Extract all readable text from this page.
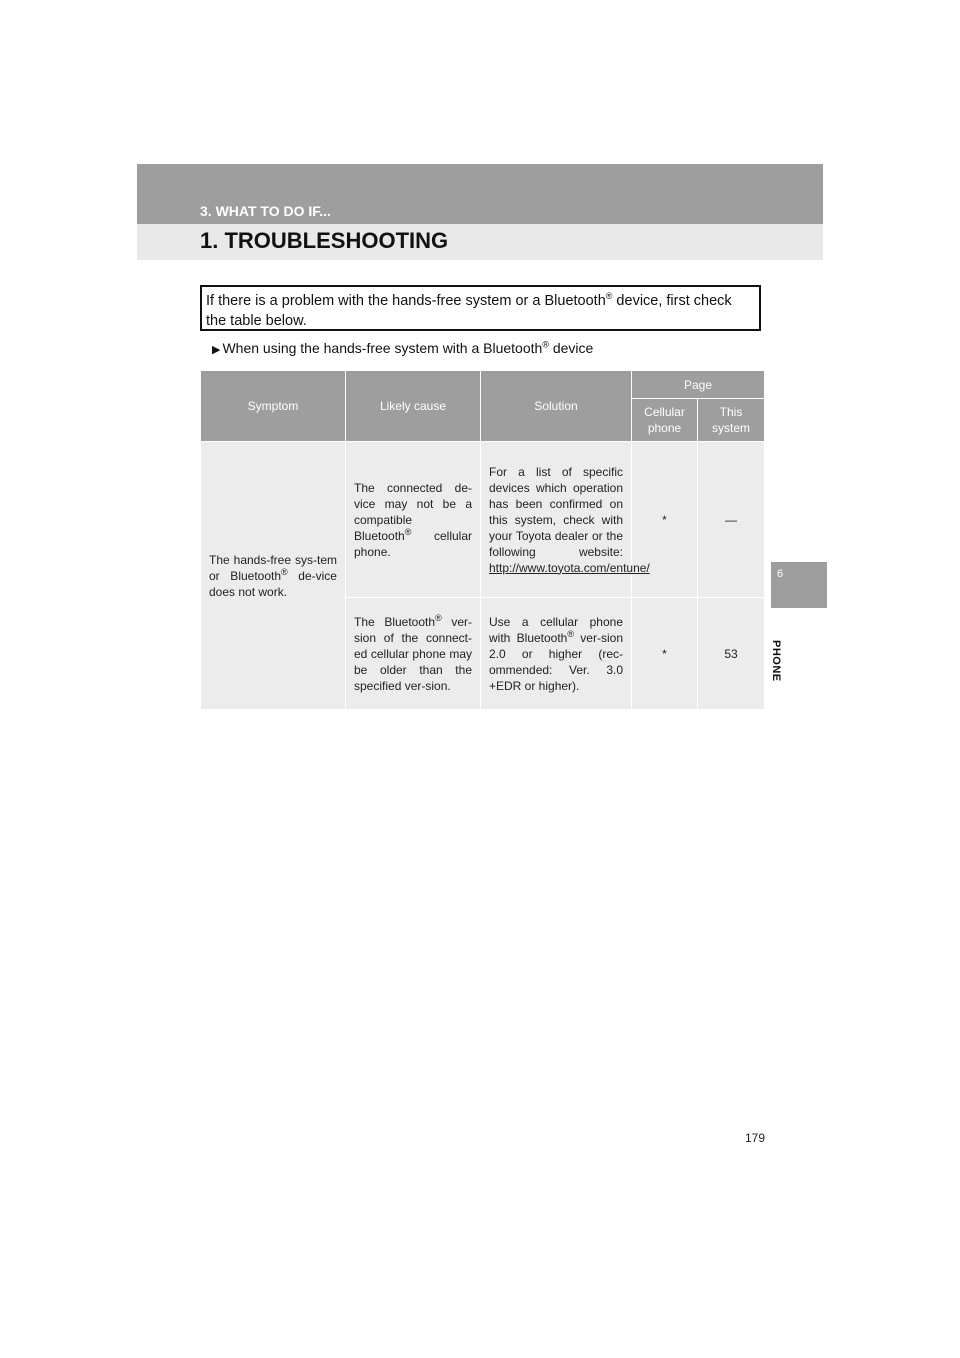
3. WHAT TO DO IF...
1. TROUBLESHOOTING
If there is a problem with the hands-free system or a Bluetooth® device, first check the table below.
▶ When using the hands-free system with a Bluetooth® device
Symptom	Likely cause	Solution	Page	
			Cellular phone	This system
The hands-free sys-tem or Bluetooth® de-vice does not work.	The connected de-vice may not be a compatible Bluetooth® cellular phone.	For a list of specific devices which operation has been confirmed on this system, check with your Toyota dealer or the following website: http://www.toyota.com/entune/	*	—
	The Bluetooth® ver-sion of the connect-ed cellular phone may be older than the specified ver-sion.	Use a cellular phone with Bluetooth® ver-sion 2.0 or higher (rec-ommended: Ver. 3.0 +EDR or higher).	*	53
6
PHONE
179
